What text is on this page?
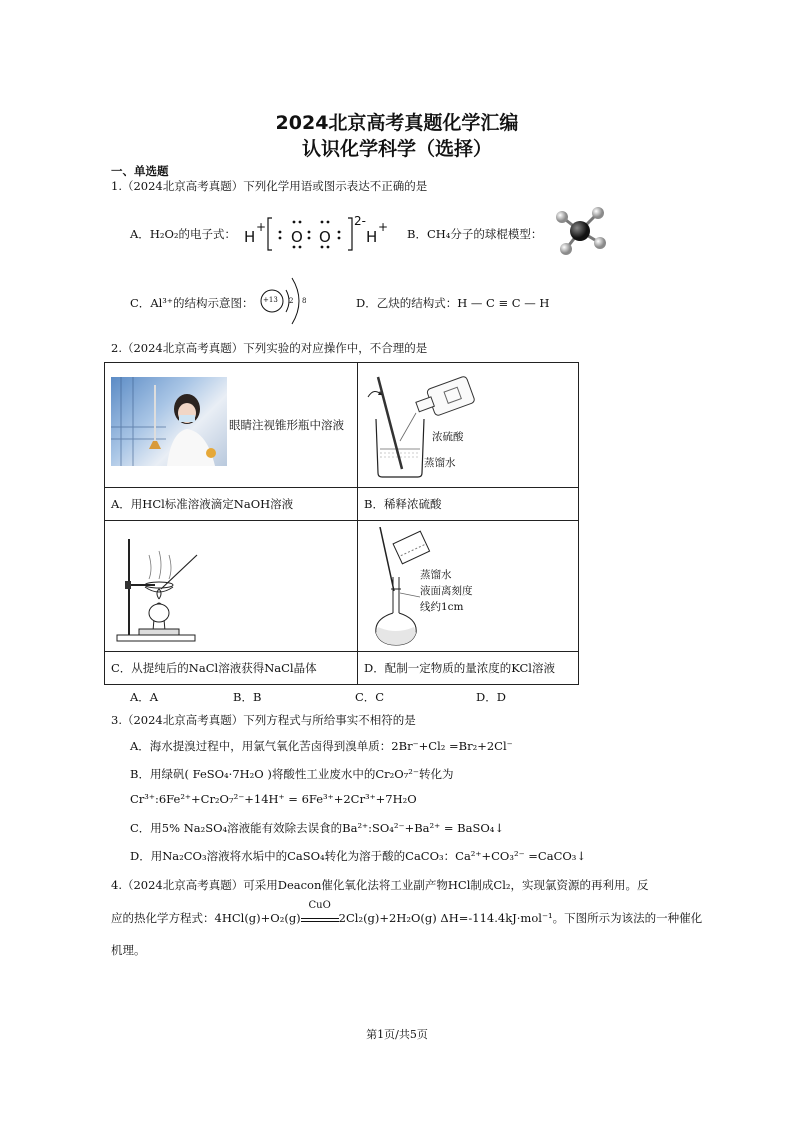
2024北京高考真题化学汇编
认识化学科学（选择）
一、单选题
1.（2024北京高考真题）下列化学用语或图示表达不正确的是
A．H₂O₂的电子式： H
+
O O
2-
H
+ B．CH₄分子的球棍模型：
C．Al³⁺的结构示意图： +13 2 8	D．乙炔的结构式：H — C ≡ C — H
2.（2024北京高考真题）下列实验的对应操作中，不合理的是
眼睛注视锥形瓶中溶液	浓硫酸
蒸馏水

A．用HCl标准溶液滴定NaOH溶液	B．稀释浓硫酸

蒸馏水
液面离刻度
线约1cm

C．从提纯后的NaCl溶液获得NaCl晶体	D．配制一定物质的量浓度的KCl溶液
A．A	B．B	C．C	D．D
3.（2024北京高考真题）下列方程式与所给事实不相符的是
A．海水提溴过程中，用氯气氧化苦卤得到溴单质：2Br⁻+Cl₂ =Br₂+2Cl⁻
B．用绿矾( FeSO₄·7H₂O )将酸性工业废水中的Cr₂O₇²⁻转化为
Cr³⁺:6Fe²⁺+Cr₂O₇²⁻+14H⁺ = 6Fe³⁺+2Cr³⁺+7H₂O
C．用5% Na₂SO₄溶液能有效除去误食的Ba²⁺:SO₄²⁻+Ba²⁺ = BaSO₄↓
D．用Na₂CO₃溶液将水垢中的CaSO₄转化为溶于酸的CaCO₃：Ca²⁺+CO₃²⁻ =CaCO₃↓
4.（2024北京高考真题）可采用Deacon催化氧化法将工业副产物HCl制成Cl₂，实现氯资源的再利用。反
应的热化学方程式：4HCl(g)+O₂(g)
CuO
2Cl₂(g)+2H₂O(g) ΔH=-114.4kJ·mol⁻¹。下图所示为该法的一种催化
机理。
第1页/共5页
